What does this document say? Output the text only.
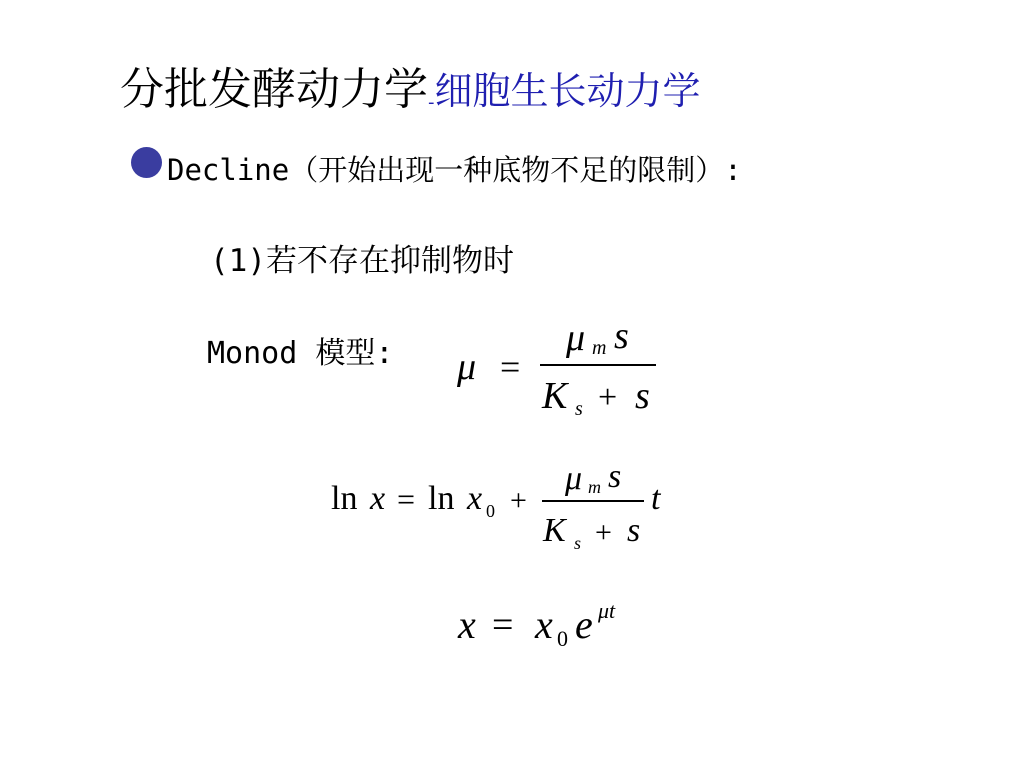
分批发酵动力学-细胞生长动力学
Decline（开始出现一种底物不足的限制）:
(1)若不存在抑制物时
Monod 模型: μ =
μ m s
K s + s
ln x = ln x 0 +
μ m s
K s + s
t
x = x 0 e μt
